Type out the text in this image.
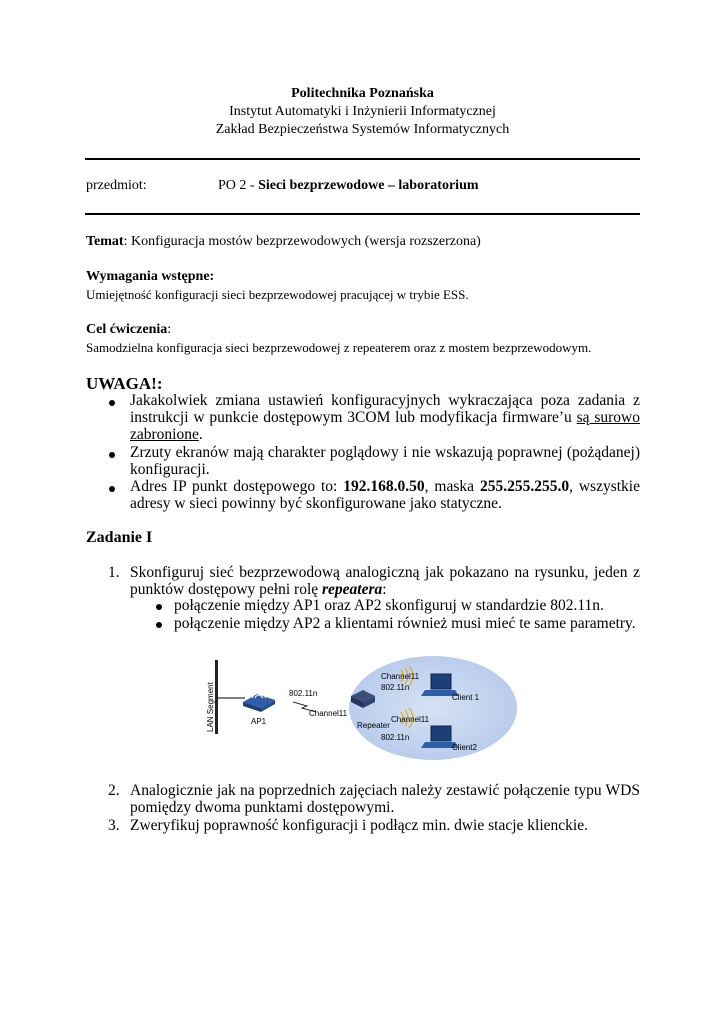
Politechnika Poznańska
Instytut Automatyki i Inżynierii Informatycznej
Zakład Bezpieczeństwa Systemów Informatycznych
przedmiot:	PO 2 - Sieci bezprzewodowe – laboratorium
Temat: Konfiguracja mostów bezprzewodowych (wersja rozszerzona)
Wymagania wstępne:
Umiejętność konfiguracji sieci bezprzewodowej pracującej w trybie ESS.
Cel ćwiczenia:
Samodzielna konfiguracja sieci bezprzewodowej z repeaterem oraz z mostem bezprzewodowym.
UWAGA!:
Jakakolwiek zmiana ustawień konfiguracyjnych wykraczająca poza zadania z instrukcji w punkcie dostępowym 3COM lub modyfikacja firmware’u są surowo zabronione.
Zrzuty ekranów mają charakter poglądowy i nie wskazują poprawnej (pożądanej) konfiguracji.
Adres IP punkt dostępowego to: 192.168.0.50, maska 255.255.255.0, wszystkie adresy w sieci powinny być skonfigurowane jako statyczne.
Zadanie I
1. Skonfiguruj sieć bezprzewodową analogiczną jak pokazano na rysunku, jeden z punktów dostępowy pełni rolę repeatera:
połączenie między AP1 oraz AP2 skonfiguruj w standardzie 802.11n.
połączenie między AP2 a klientami również musi mieć te same parametry.
LAN Segment	AP1
802.11n
Channel11
Repeater
Channel11
802.11n
Client 1
Channel11
802.11n
Client2
2. Analogicznie jak na poprzednich zajęciach należy zestawić połączenie typu WDS pomiędzy dwoma punktami dostępowymi.
3. Zweryfikuj poprawność konfiguracji i podłącz min. dwie stacje klienckie.
